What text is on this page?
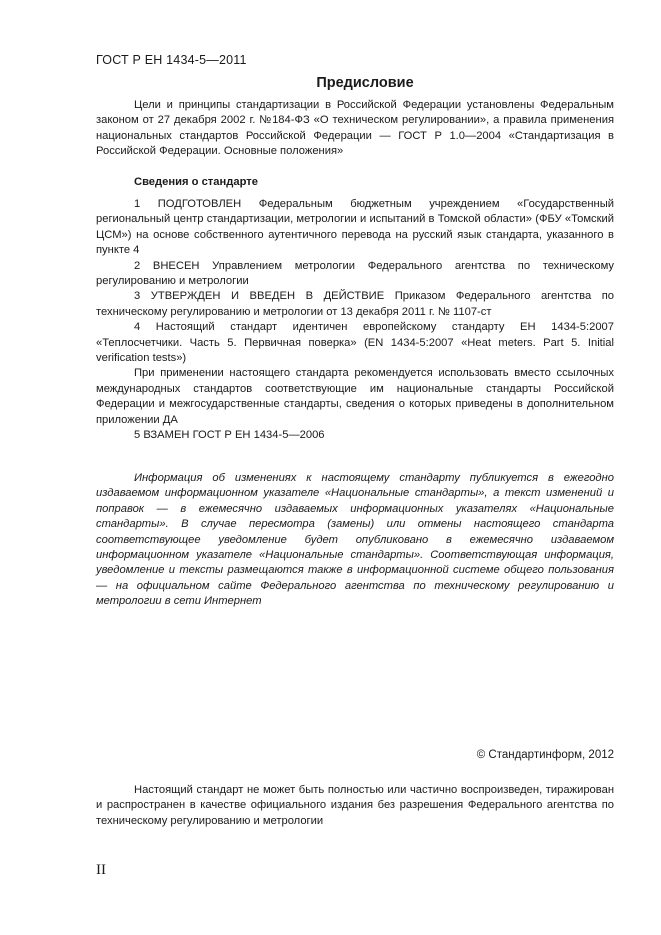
ГОСТ Р ЕН 1434-5—2011
Предисловие

Цели и принципы стандартизации в Российской Федерации установлены Федеральным законом от 27 декабря 2002 г. №184-ФЗ «О техническом регулировании», а правила применения национальных стандартов Российской Федерации — ГОСТ Р 1.0—2004 «Стандартизация в Российской Федерации. Основные положения»

Сведения о стандарте

1 ПОДГОТОВЛЕН Федеральным бюджетным учреждением «Государственный региональный центр стандартизации, метрологии и испытаний в Томской области» (ФБУ «Томский ЦСМ») на основе собственного аутентичного перевода на русский язык стандарта, указанного в пункте 4

2 ВНЕСЕН Управлением метрологии Федерального агентства по техническому регулированию и метрологии

3 УТВЕРЖДЕН И ВВЕДЕН В ДЕЙСТВИЕ Приказом Федерального агентства по техническому регулированию и метрологии от 13 декабря 2011 г. № 1107-ст

4 Настоящий стандарт идентичен европейскому стандарту ЕН 1434-5:2007 «Теплосчетчики. Часть 5. Первичная поверка» (EN 1434-5:2007 «Heat meters. Part 5. Initial verification tests»)

При применении настоящего стандарта рекомендуется использовать вместо ссылочных международных стандартов соответствующие им национальные стандарты Российской Федерации и межгосударственные стандарты, сведения о которых приведены в дополнительном приложении ДА

5 ВЗАМЕН ГОСТ Р ЕН 1434-5—2006

Информация об изменениях к настоящему стандарту публикуется в ежегодно издаваемом информационном указателе «Национальные стандарты», а текст изменений и поправок — в ежемесячно издаваемых информационных указателях «Национальные стандарты». В случае пересмотра (замены) или отмены настоящего стандарта соответствующее уведомление будет опубликовано в ежемесячно издаваемом информационном указателе «Национальные стандарты». Соответствующая информация, уведомление и тексты размещаются также в информационной системе общего пользования — на официальном сайте Федерального агентства по техническому регулированию и метрологии в сети Интернет

© Стандартинформ, 2012

Настоящий стандарт не может быть полностью или частично воспроизведен, тиражирован и распространен в качестве официального издания без разрешения Федерального агентства по техническому регулированию и метрологии

II
